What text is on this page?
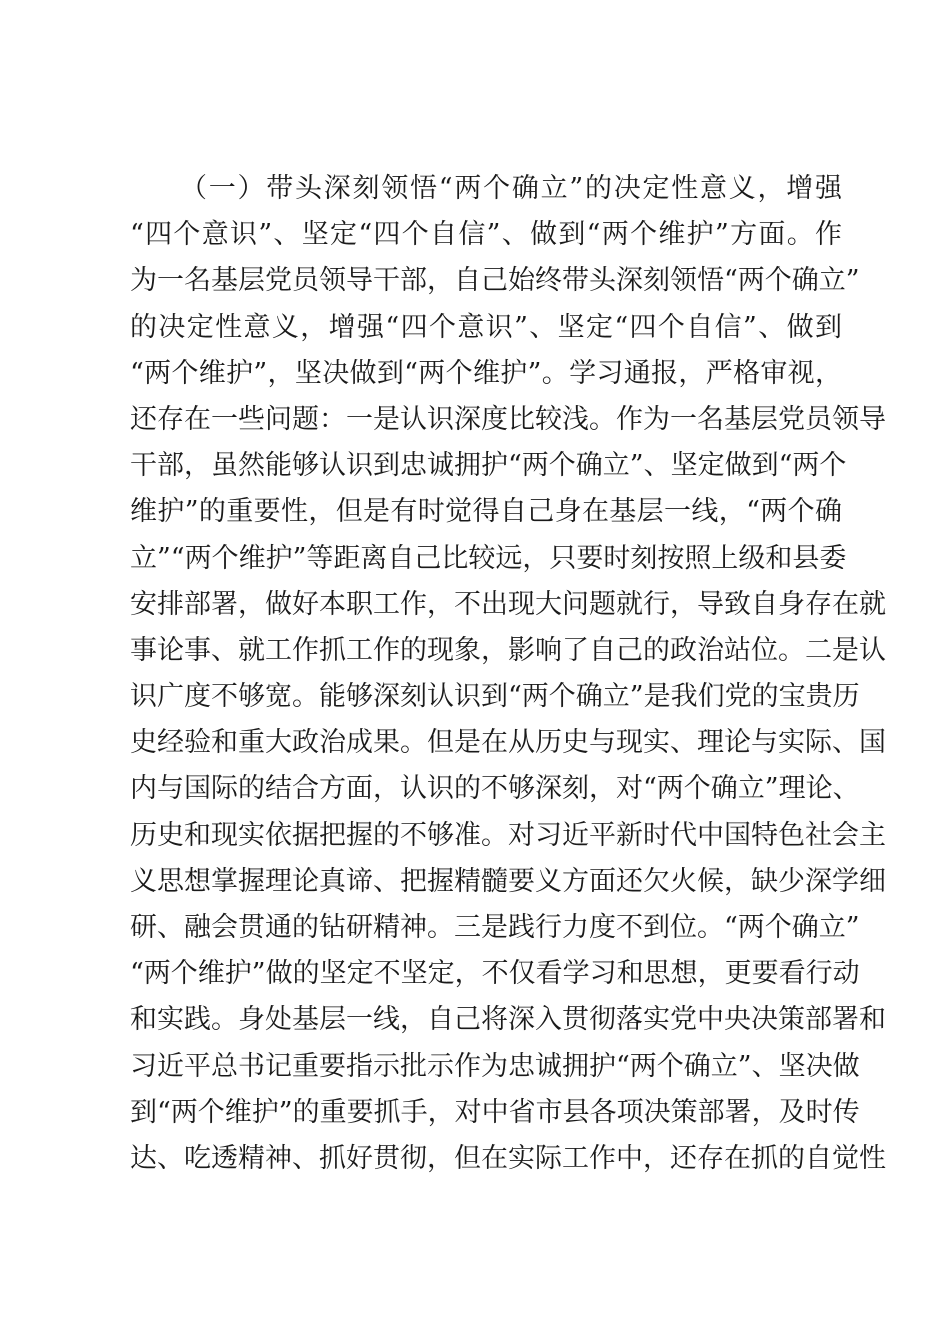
（一）带头深刻领悟“两个确立”的决定性意义，增强
“四个意识”、坚定“四个自信”、做到“两个维护”方面。作
为一名基层党员领导干部，自己始终带头深刻领悟“两个确立”
的决定性意义，增强“四个意识”、坚定“四个自信”、做到
“两个维护”，坚决做到“两个维护”。学习通报，严格审视，
还存在一些问题：一是认识深度比较浅。作为一名基层党员领导
干部，虽然能够认识到忠诚拥护“两个确立”、坚定做到“两个
维护”的重要性，但是有时觉得自己身在基层一线，“两个确
立”“两个维护”等距离自己比较远，只要时刻按照上级和县委
安排部署，做好本职工作，不出现大问题就行，导致自身存在就
事论事、就工作抓工作的现象，影响了自己的政治站位。二是认
识广度不够宽。能够深刻认识到“两个确立”是我们党的宝贵历
史经验和重大政治成果。但是在从历史与现实、理论与实际、国
内与国际的结合方面，认识的不够深刻，对“两个确立”理论、
历史和现实依据把握的不够准。对习近平新时代中国特色社会主
义思想掌握理论真谛、把握精髓要义方面还欠火候，缺少深学细
研、融会贯通的钻研精神。三是践行力度不到位。“两个确立”
“两个维护”做的坚定不坚定，不仅看学习和思想，更要看行动
和实践。身处基层一线，自己将深入贯彻落实党中央决策部署和
习近平总书记重要指示批示作为忠诚拥护“两个确立”、坚决做
到“两个维护”的重要抓手，对中省市县各项决策部署，及时传
达、吃透精神、抓好贯彻，但在实际工作中，还存在抓的自觉性
